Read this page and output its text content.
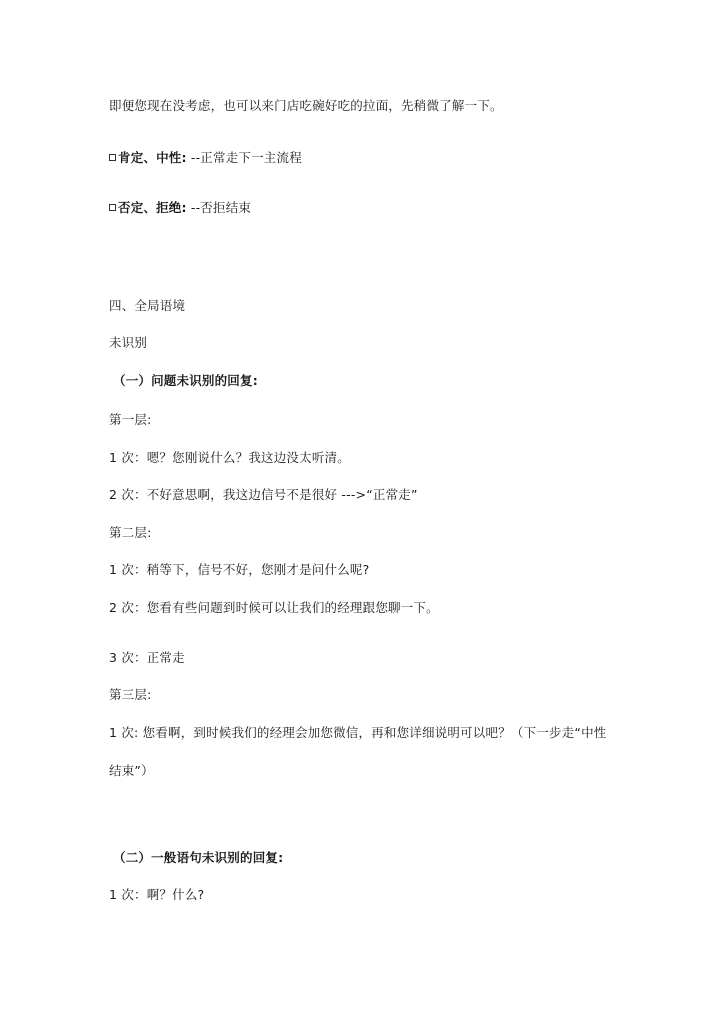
即便您现在没考虑，也可以来门店吃碗好吃的拉面，先稍微了解一下。
肯定、中性: --正常走下一主流程
否定、拒绝: --否拒结束
四、全局语境
未识别
（一）问题未识别的回复:
第一层:
1 次：嗯？您刚说什么？我这边没太听清。
2 次：不好意思啊，我这边信号不是很好 --->“正常走”
第二层:
1 次：稍等下，信号不好，您刚才是问什么呢?
2 次：您看有些问题到时候可以让我们的经理跟您聊一下。
3 次：正常走
第三层:
1 次: 您看啊，到时候我们的经理会加您微信，再和您详细说明可以吧？（下一步走“中性
结束”）
（二）一般语句未识别的回复:
1 次：啊？什么?
